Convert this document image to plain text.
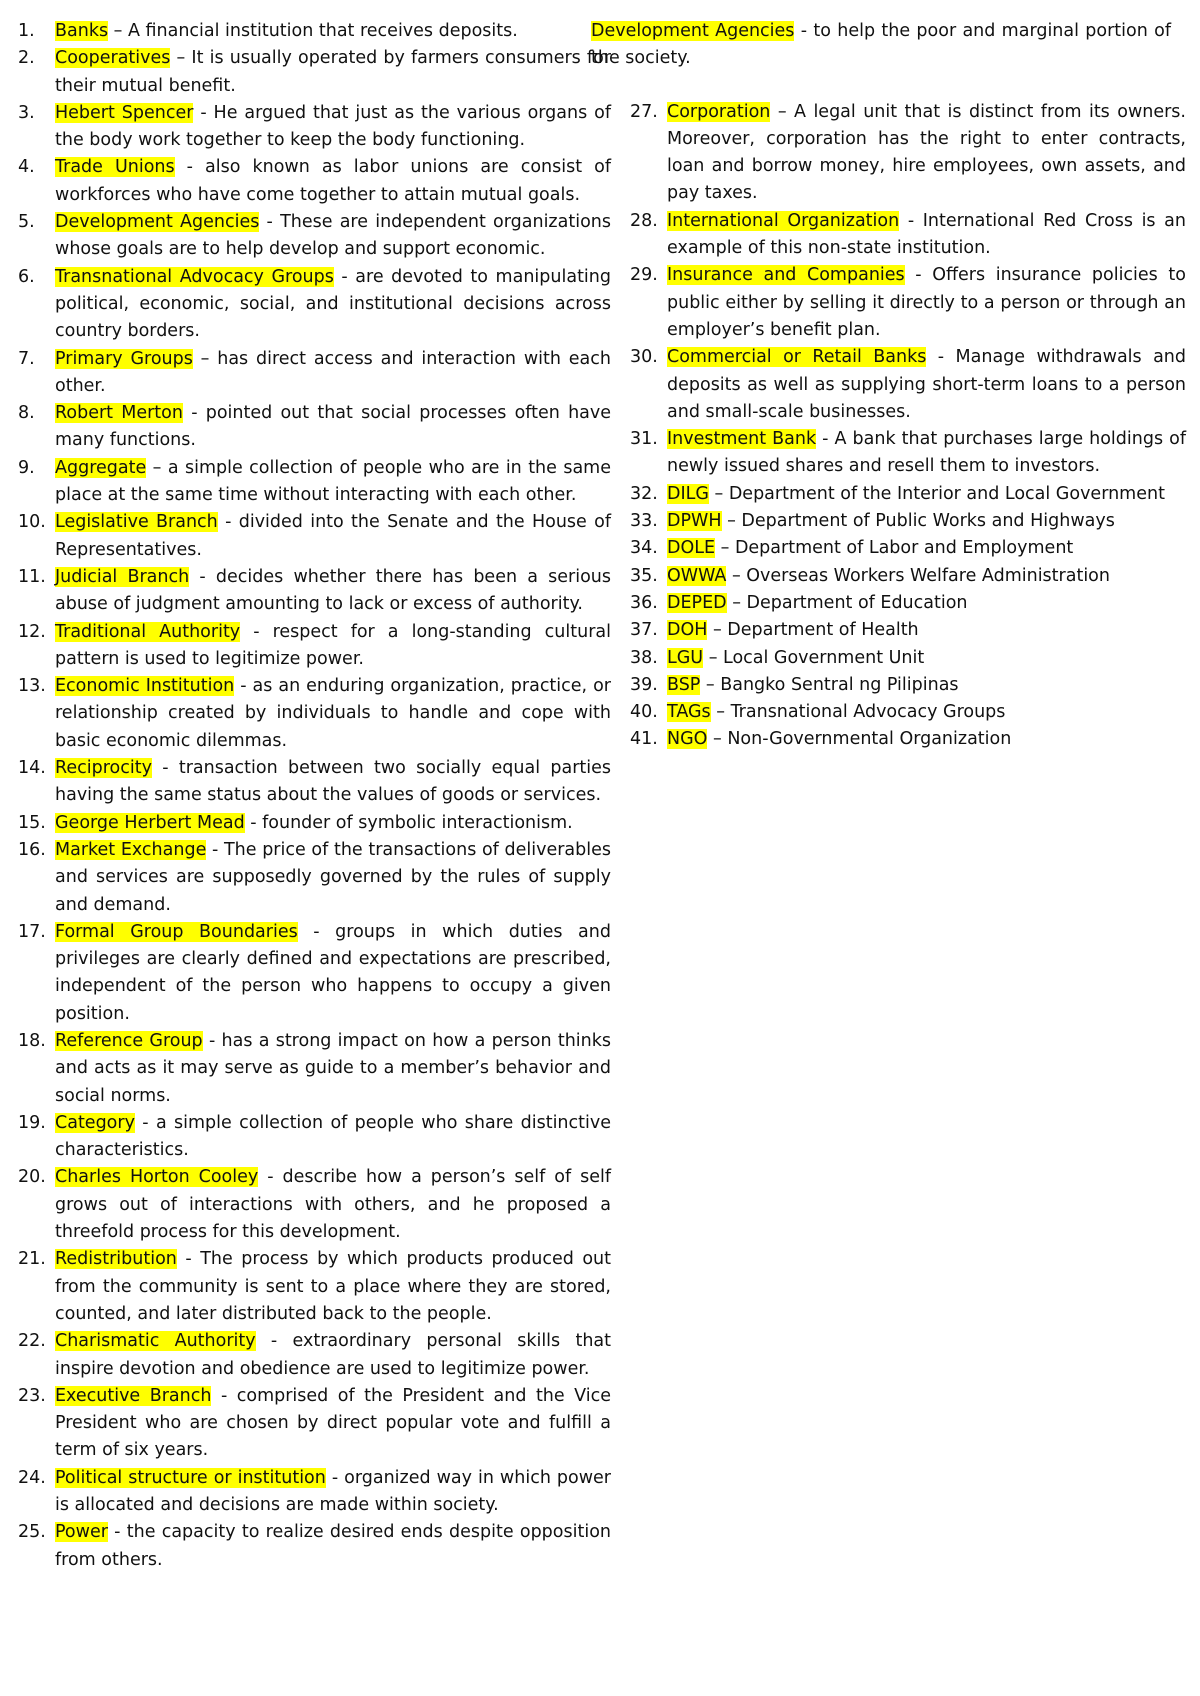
1.	Banks – A financial institution that receives deposits.
2.	Cooperatives – It is usually operated by farmers consumers for their mutual benefit.
3.	Hebert Spencer - He argued that just as the various organs of the body work together to keep the body functioning.
4.	Trade Unions - also known as labor unions are consist of workforces who have come together to attain mutual goals.
5.	Development Agencies - These are independent organizations whose goals are to help develop and support economic.
6.	Transnational Advocacy Groups - are devoted to manipulating political, economic, social, and institutional decisions across country borders.
7.	Primary Groups – has direct access and interaction with each other.
8.	Robert Merton - pointed out that social processes often have many functions.
9.	Aggregate – a simple collection of people who are in the same place at the same time without interacting with each other.
10. Legislative Branch - divided into the Senate and the House of Representatives.
11. Judicial Branch - decides whether there has been a serious abuse of judgment amounting to lack or excess of authority.
12. Traditional Authority - respect for a long-standing cultural pattern is used to legitimize power.
13. Economic Institution - as an enduring organization, practice, or relationship created by individuals to handle and cope with basic economic dilemmas.
14. Reciprocity - transaction between two socially equal parties having the same status about the values of goods or services.
15. George Herbert Mead - founder of symbolic interactionism.
16. Market Exchange - The price of the transactions of deliverables and services are supposedly governed by the rules of supply and demand.
17. Formal Group Boundaries - groups in which duties and privileges are clearly defined and expectations are prescribed, independent of the person who happens to occupy a given position.
18. Reference Group - has a strong impact on how a person thinks and acts as it may serve as guide to a member’s behavior and social norms.
19. Category - a simple collection of people who share distinctive characteristics.
20. Charles Horton Cooley - describe how a person’s self of self grows out of interactions with others, and he proposed a threefold process for this development.
21. Redistribution - The process by which products produced out from the community is sent to a place where they are stored, counted, and later distributed back to the people.
22. Charismatic Authority - extraordinary personal skills that inspire devotion and obedience are used to legitimize power.
23. Executive Branch - comprised of the President and the Vice President who are chosen by direct popular vote and fulfill a term of six years.
24. Political structure or institution - organized way in which power is allocated and decisions are made within society.
25. Power - the capacity to realize desired ends despite opposition from others.
Development Agencies - to help the poor and marginal portion of the society.
27. Corporation – A legal unit that is distinct from its owners. Moreover, corporation has the right to enter contracts, loan and borrow money, hire employees, own assets, and pay taxes.
28. International Organization - International Red Cross is an example of this non-state institution.
29. Insurance and Companies - Offers insurance policies to public either by selling it directly to a person or through an employer’s benefit plan.
30. Commercial or Retail Banks - Manage withdrawals and deposits as well as supplying short-term loans to a person and small-scale businesses.
31. Investment Bank - A bank that purchases large holdings of newly issued shares and resell them to investors.
32. DILG – Department of the Interior and Local Government
33. DPWH – Department of Public Works and Highways
34. DOLE – Department of Labor and Employment
35. OWWA – Overseas Workers Welfare Administration
36. DEPED – Department of Education
37. DOH – Department of Health
38. LGU – Local Government Unit
39. BSP – Bangko Sentral ng Pilipinas
40. TAGs – Transnational Advocacy Groups
41. NGO – Non-Governmental Organization
